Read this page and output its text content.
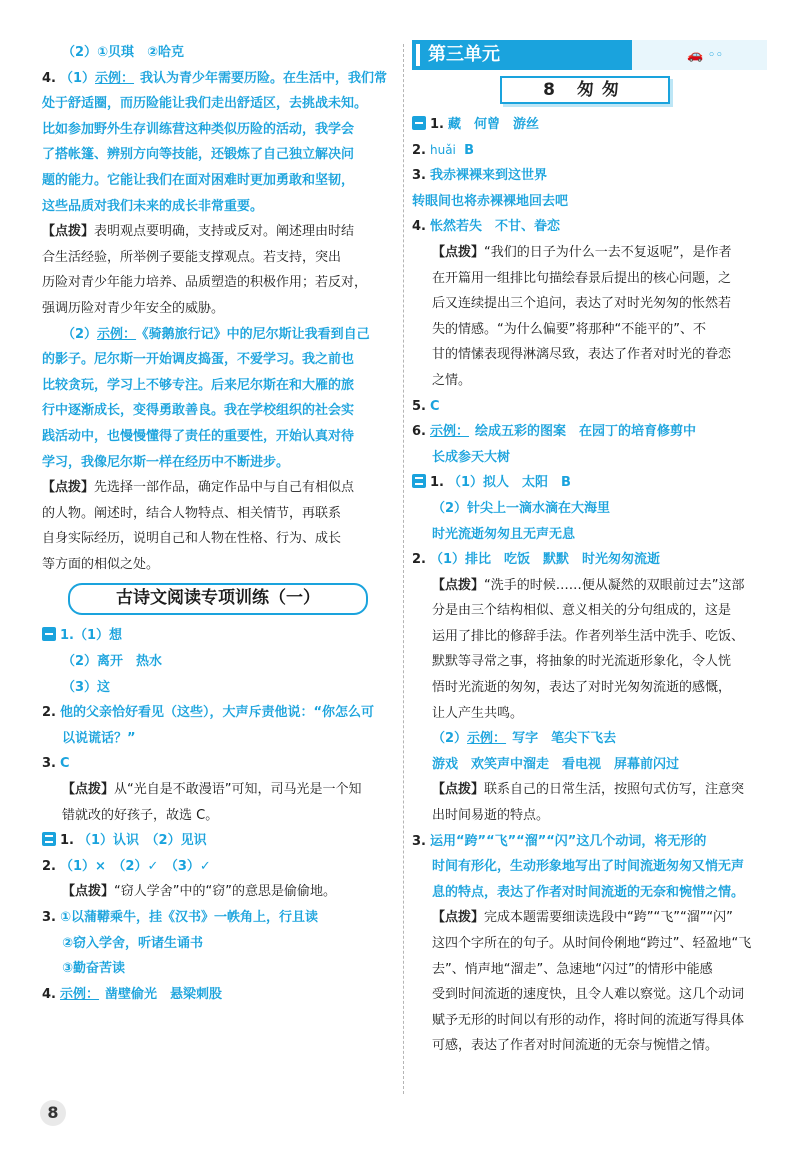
（2）①贝琪　②哈克
4. （1）示例： 我认为青少年需要历险。在生活中，我们常
处于舒适圈，而历险能让我们走出舒适区，去挑战未知。
比如参加野外生存训练营这种类似历险的活动，我学会
了搭帐篷、辨别方向等技能，还锻炼了自己独立解决问
题的能力。它能让我们在面对困难时更加勇敢和坚韧，
这些品质对我们未来的成长非常重要。
【点拨】表明观点要明确，支持或反对。阐述理由时结
合生活经验，所举例子要能支撑观点。若支持，突出
历险对青少年能力培养、品质塑造的积极作用；若反对，
强调历险对青少年安全的威胁。
（2）示例： 《骑鹅旅行记》中的尼尔斯让我看到自己
的影子。尼尔斯一开始调皮捣蛋，不爱学习。我之前也
比较贪玩，学习上不够专注。后来尼尔斯在和大雁的旅
行中逐渐成长，变得勇敢善良。我在学校组织的社会实
践活动中，也慢慢懂得了责任的重要性，开始认真对待
学习，我像尼尔斯一样在经历中不断进步。
【点拨】先选择一部作品，确定作品中与自己有相似点
的人物。阐述时，结合人物特点、相关情节，再联系
自身实际经历，说明自己和人物在性格、行为、成长
等方面的相似之处。
古诗文阅读专项训练（一）
1.（1）想
（2）离开　热水
（3）这
2. 他的父亲恰好看见（这些），大声斥责他说：“你怎么可
以说谎话？”
3. C
【点拨】从“光自是不敢漫语”可知，司马光是一个知
错就改的好孩子，故选 C。
1. （1）认识　（2）见识
2. （1）×　（2）✓　（3）✓
【点拨】“窃人学舍”中的“窃”的意思是偷偷地。
3. ①以蒲鞯乘牛，挂《汉书》一帙角上，行且读
②窃入学舍，听诸生诵书
③勤奋苦读
4. 示例： 凿壁偷光　悬梁刺股
第三单元	🚗 ◦◦
8 匆匆
1. 藏　何曾　游丝
2. huǎi B
3. 我赤裸裸来到这世界
转眼间也将赤裸裸地回去吧
4. 怅然若失　不甘、眷恋
【点拨】“我们的日子为什么一去不复返呢”，是作者
在开篇用一组排比句描绘春景后提出的核心问题，之
后又连续提出三个追问，表达了对时光匆匆的怅然若
失的情感。“为什么偏要”将那种“不能平的”、不
甘的情愫表现得淋漓尽致，表达了作者对时光的眷恋
之情。
5. C
6. 示例： 绘成五彩的图案　在园丁的培育修剪中
长成参天大树
1. （1）拟人　太阳　B
（2）针尖上一滴水滴在大海里
时光流逝匆匆且无声无息
2. （1）排比　吃饭　默默　时光匆匆流逝
【点拨】“洗手的时候……便从凝然的双眼前过去”这部
分是由三个结构相似、意义相关的分句组成的，这是
运用了排比的修辞手法。作者列举生活中洗手、吃饭、
默默等寻常之事，将抽象的时光流逝形象化，令人恍
悟时光流逝的匆匆，表达了对时光匆匆流逝的感慨，
让人产生共鸣。
（2）示例： 写字　笔尖下飞去
游戏　欢笑声中溜走　看电视　屏幕前闪过
【点拨】联系自己的日常生活，按照句式仿写，注意突
出时间易逝的特点。
3. 运用“跨”“飞”“溜”“闪”这几个动词，将无形的
时间有形化，生动形象地写出了时间流逝匆匆又悄无声
息的特点，表达了作者对时间流逝的无奈和惋惜之情。
【点拨】完成本题需要细读选段中“跨”“飞”“溜”“闪”
这四个字所在的句子。从时间伶俐地“跨过”、轻盈地“飞
去”、悄声地“溜走”、急速地“闪过”的情形中能感
受到时间流逝的速度快，且令人难以察觉。这几个动词
赋予无形的时间以有形的动作，将时间的流逝写得具体
可感，表达了作者对时间流逝的无奈与惋惜之情。
8
